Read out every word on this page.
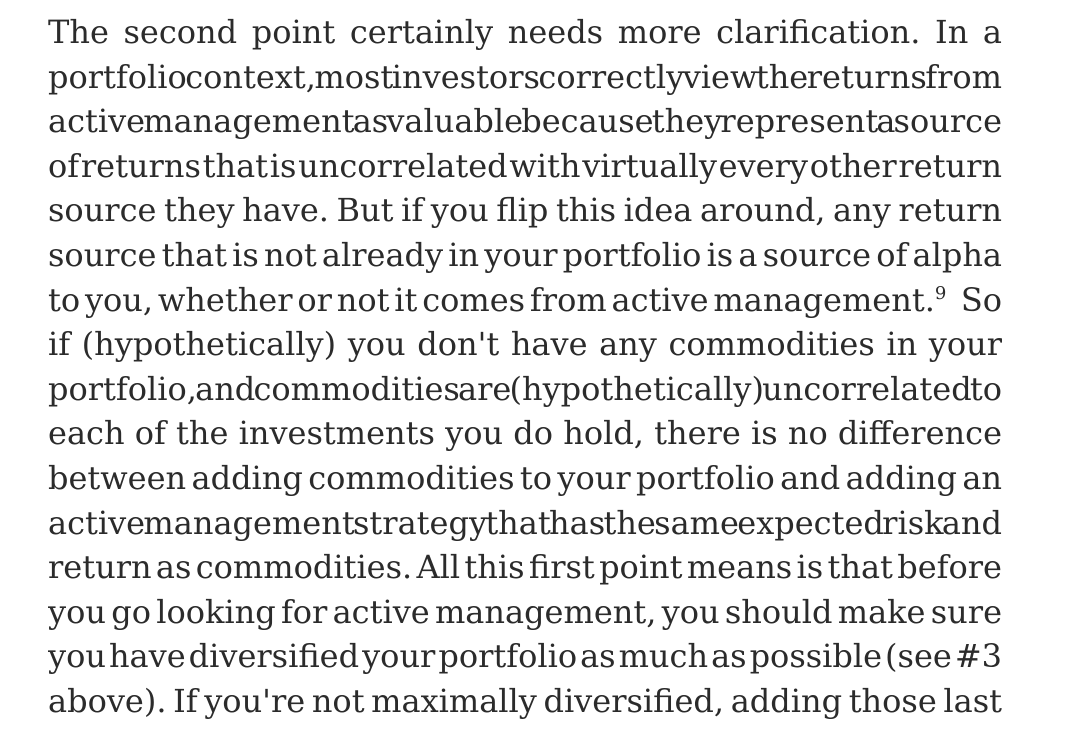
The second point certainly needs more clarification. In a
portfolio context, most investors correctly view the returns from
active management as valuable because they represent a source
of returns that is uncorrelated with virtually every other return
source they have. But if you flip this idea around, any return
source that is not already in your portfolio is a source of alpha
to you, whether or not it comes from active management.$^9$ So
if (hypothetically) you don't have any commodities in your
portfolio, and commodities are (hypothetically) uncorrelated to
each of the investments you do hold, there is no difference
between adding commodities to your portfolio and adding an
active management strategy that has the same expected risk and
return as commodities. All this first point means is that before
you go looking for active management, you should make sure
you have diversified your portfolio as much as possible (see #3
above). If you're not maximally diversified, adding those last
